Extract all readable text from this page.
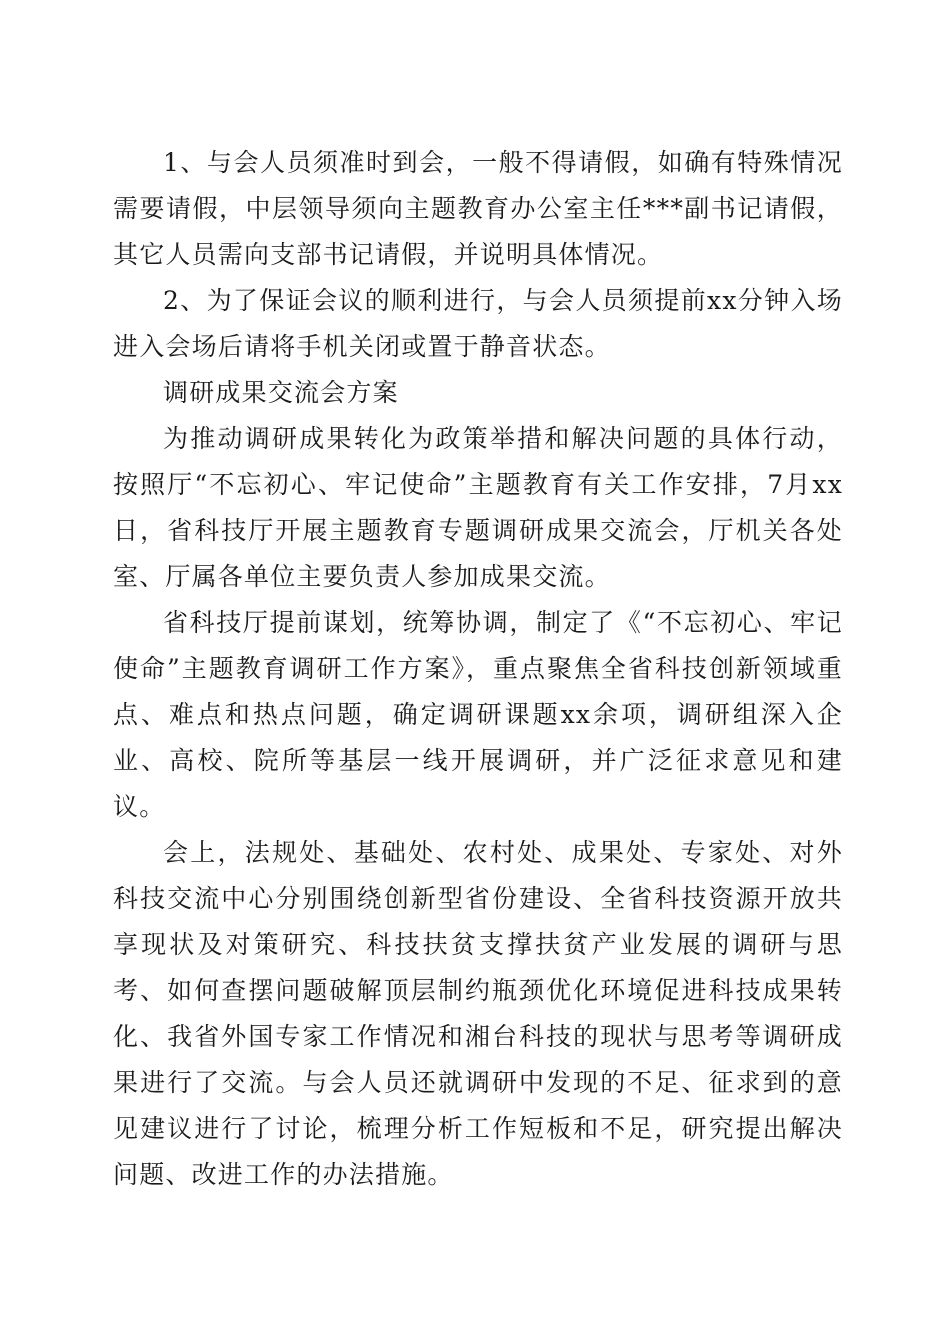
1、与会人员须准时到会，一般不得请假，如确有特殊情况需要请假，中层领导须向主题教育办公室主任***副书记请假，其它人员需向支部书记请假，并说明具体情况。

2、为了保证会议的顺利进行，与会人员须提前xx分钟入场进入会场后请将手机关闭或置于静音状态。

调研成果交流会方案

为推动调研成果转化为政策举措和解决问题的具体行动，按照厅“不忘初心、牢记使命”主题教育有关工作安排，7月xx日，省科技厅开展主题教育专题调研成果交流会，厅机关各处室、厅属各单位主要负责人参加成果交流。

省科技厅提前谋划，统筹协调，制定了《“不忘初心、牢记使命”主题教育调研工作方案》，重点聚焦全省科技创新领域重点、难点和热点问题，确定调研课题xx余项，调研组深入企业、高校、院所等基层一线开展调研，并广泛征求意见和建议。

会上，法规处、基础处、农村处、成果处、专家处、对外科技交流中心分别围绕创新型省份建设、全省科技资源开放共享现状及对策研究、科技扶贫支撑扶贫产业发展的调研与思考、如何查摆问题破解顶层制约瓶颈优化环境促进科技成果转化、我省外国专家工作情况和湘台科技的现状与思考等调研成果进行了交流。与会人员还就调研中发现的不足、征求到的意见建议进行了讨论，梳理分析工作短板和不足，研究提出解决问题、改进工作的办法措施。
